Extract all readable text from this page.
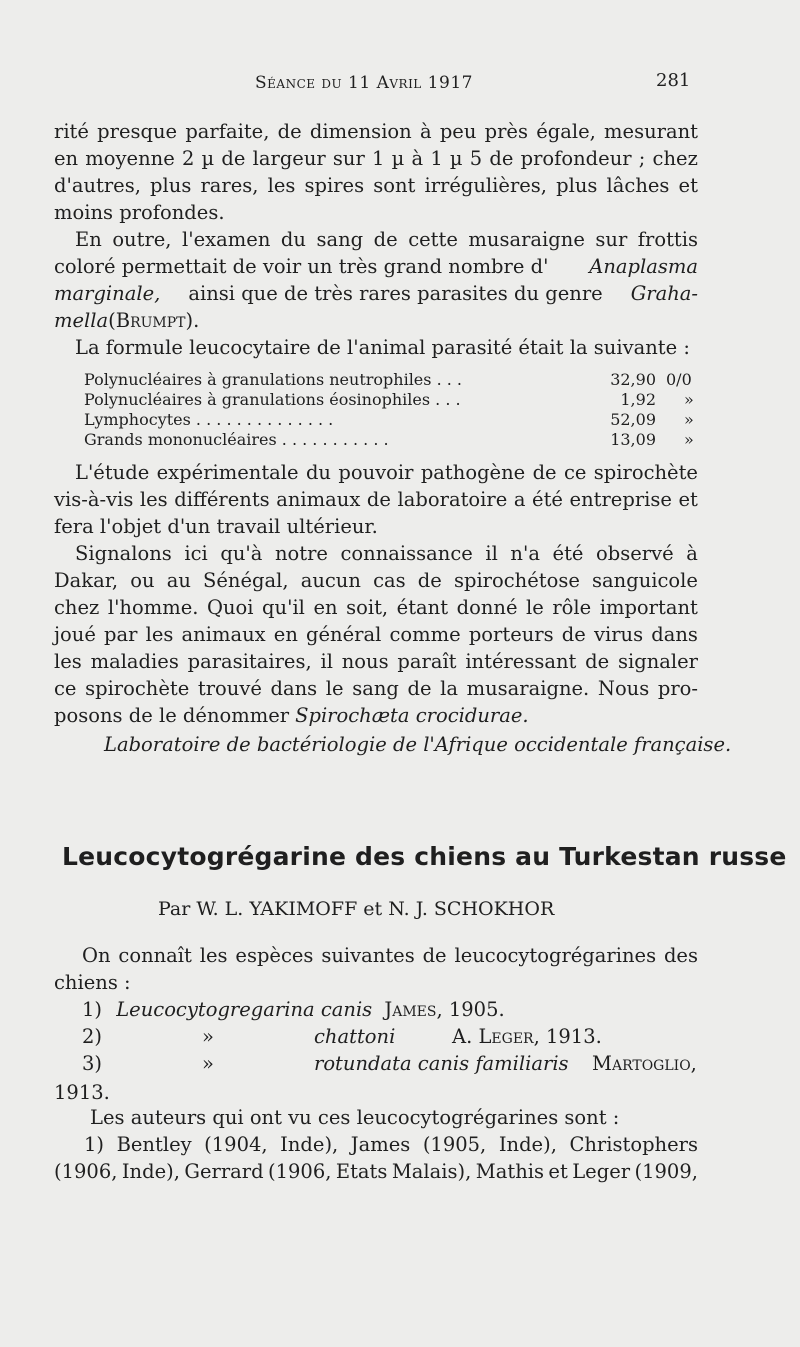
Séance du 11 Avril 1917	281
rité presque parfaite, de dimension à peu près égale, mesurant
en moyenne 2 µ de largeur sur 1 µ à 1 µ 5 de profondeur ; chez
d'autres, plus rares, les spires sont irrégulières, plus lâches et
moins profondes.
En outre, l'examen du sang de cette musaraigne sur frottis
coloré permettait de voir un très grand nombre d' Anaplasma
marginale, ainsi que de très rares parasites du genre Graha-
mella (Brumpt).
La formule leucocytaire de l'animal parasité était la suivante :
Polynucléaires à granulations neutrophiles . . .	32,90 0/0
Polynucléaires à granulations éosinophiles . . .	1,92 »
Lymphocytes . . . . . . . . . . . . . .	52,09 »
Grands mononucléaires . . . . . . . . . . .	13,09 »
L'étude expérimentale du pouvoir pathogène de ce spirochète
vis-à-vis les différents animaux de laboratoire a été entreprise et
fera l'objet d'un travail ultérieur.
Signalons ici qu'à notre connaissance il n'a été observé à
Dakar, ou au Sénégal, aucun cas de spirochétose sanguicole
chez l'homme. Quoi qu'il en soit, étant donné le rôle important
joué par les animaux en général comme porteurs de virus dans
les maladies parasitaires, il nous paraît intéressant de signaler
ce spirochète trouvé dans le sang de la musaraigne. Nous pro-
posons de le dénommer Spirochæta crocidurae.
Laboratoire de bactériologie de l'Afrique occidentale française.
Leucocytogrégarine des chiens au Turkestan russe
Par W. L. YAKIMOFF et N. J. SCHOKHOR
On connaît les espèces suivantes de leucocytogrégarines des
chiens :
1) Leucocytogregarina canis James, 1905.
2)	»	chattoni	A. Leger, 1913.
3)	»	rotundata canis familiaris Martoglio,
1913.
Les auteurs qui ont vu ces leucocytogrégarines sont :
1) Bentley (1904, Inde), James (1905, Inde), Christophers
(1906, Inde), Gerrard (1906, Etats Malais), Mathis et Leger (1909,
